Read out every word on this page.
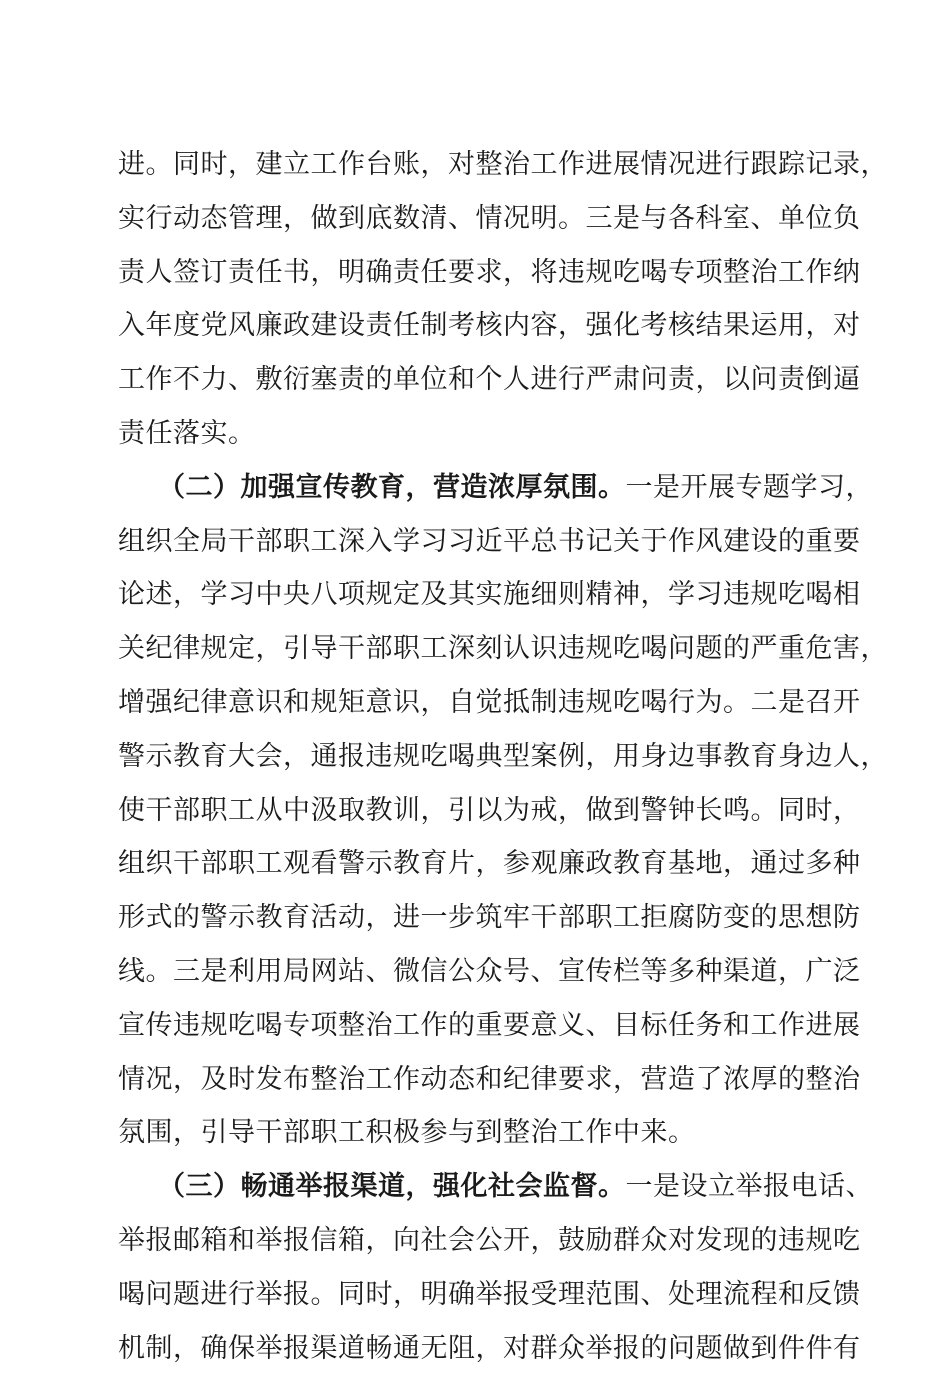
进。同时，建立工作台账，对整治工作进展情况进行跟踪记录，
实行动态管理，做到底数清、情况明。三是与各科室、单位负
责人签订责任书，明确责任要求，将违规吃喝专项整治工作纳
入年度党风廉政建设责任制考核内容，强化考核结果运用，对
工作不力、敷衍塞责的单位和个人进行严肃问责，以问责倒逼
责任落实。
（二）加强宣传教育，营造浓厚氛围。一是开展专题学习，
组织全局干部职工深入学习习近平总书记关于作风建设的重要
论述，学习中央八项规定及其实施细则精神，学习违规吃喝相
关纪律规定，引导干部职工深刻认识违规吃喝问题的严重危害，
增强纪律意识和规矩意识，自觉抵制违规吃喝行为。二是召开
警示教育大会，通报违规吃喝典型案例，用身边事教育身边人，
使干部职工从中汲取教训，引以为戒，做到警钟长鸣。同时，
组织干部职工观看警示教育片，参观廉政教育基地，通过多种
形式的警示教育活动，进一步筑牢干部职工拒腐防变的思想防
线。三是利用局网站、微信公众号、宣传栏等多种渠道，广泛
宣传违规吃喝专项整治工作的重要意义、目标任务和工作进展
情况，及时发布整治工作动态和纪律要求，营造了浓厚的整治
氛围，引导干部职工积极参与到整治工作中来。
（三）畅通举报渠道，强化社会监督。一是设立举报电话、
举报邮箱和举报信箱，向社会公开，鼓励群众对发现的违规吃
喝问题进行举报。同时，明确举报受理范围、处理流程和反馈
机制，确保举报渠道畅通无阻，对群众举报的问题做到件件有
